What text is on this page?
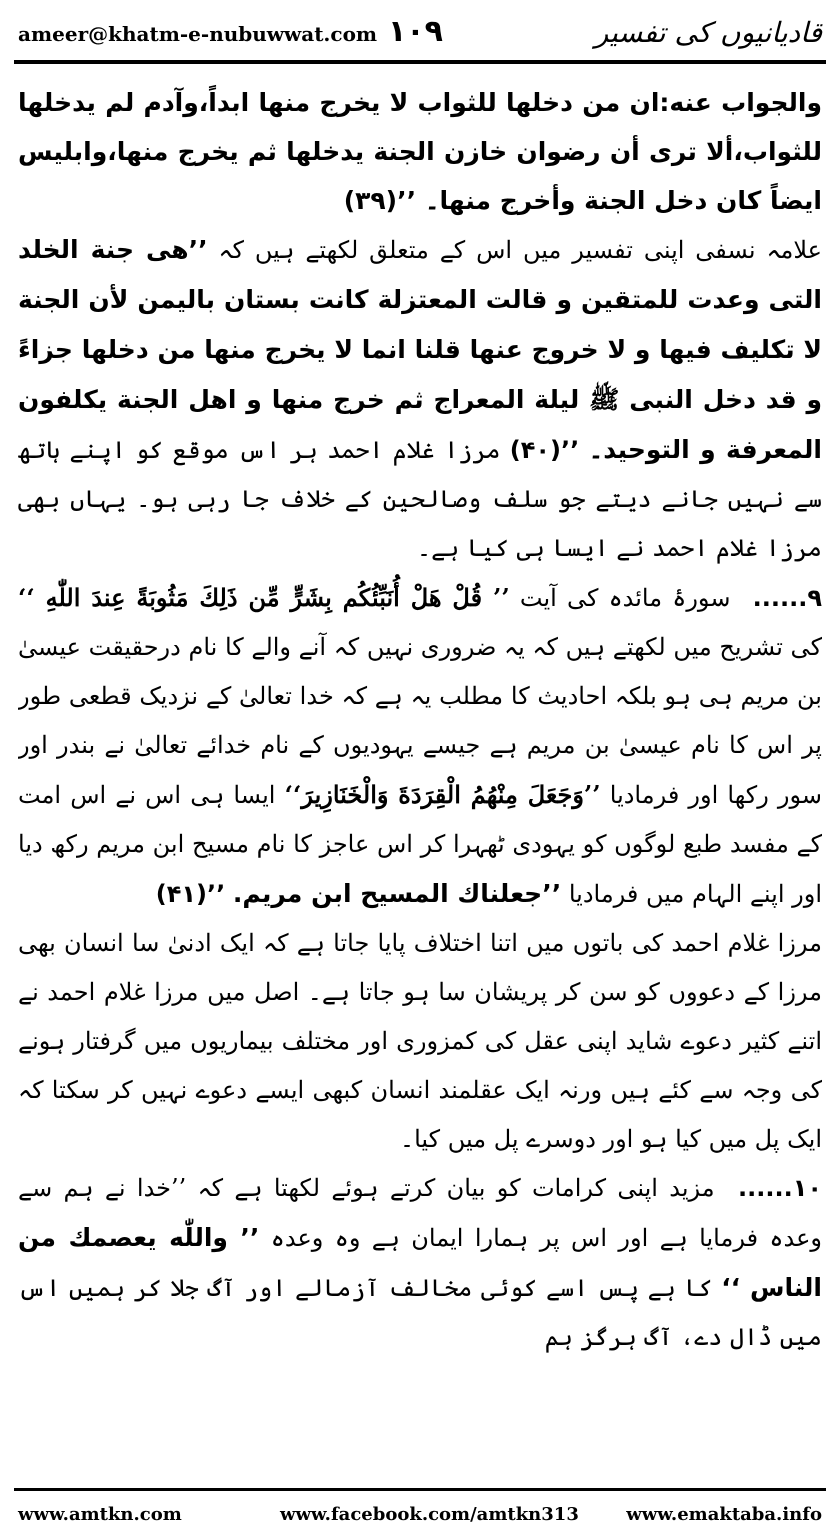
ameer@khatm-e-nubuwwat.com ١٠٩	قادیانیوں کی تفسیر

والجواب عنه:ان من دخلها للثواب لا يخرج منها ابداً،وآدم لم يدخلها للثواب،ألا ترى أن رضوان خازن الجنة يدخلها ثم يخرج منها،وابليس ايضاً كان دخل الجنة وأخرج منها۔ ’’(۳۹)

علامہ نسفی اپنی تفسیر میں اس کے متعلق لکھتے ہیں کہ ’’هی جنة الخلد التی وعدت للمتقین و قالت المعتزلة كانت بستان باليمن لأن الجنة لا تكليف فيها و لا خروج عنها قلنا انما لا يخرج منها من دخلها جزاءً و قد دخل النبی ﷺ ليلة المعراج ثم خرج منها و اهل الجنة يكلفون المعرفة و التوحيد۔ ’’(۴۰) مرزا غلام احمد ہر اس موقع کو اپنے ہاتھ سے نہیں جانے دیتے جو سلف وصالحین کے خلاف جا رہی ہو۔ یہاں بھی مرزا غلام احمد نے ایسا ہی کیا ہے۔

۹...... سورۂ مائدہ کی آیت ’’ قُلْ هَلْ أُنَبِّئُكُم بِشَرٍّ مِّن ذَلِكَ مَثُوبَةً عِندَ اللّٰهِ ‘‘ کی تشریح میں لکھتے ہیں کہ یہ ضروری نہیں کہ آنے والے کا نام درحقیقت عیسیٰ بن مریم ہی ہو بلکہ احادیث کا مطلب یہ ہے کہ خدا تعالیٰ کے نزدیک قطعی طور پر اس کا نام عیسیٰ بن مریم ہے جیسے یہودیوں کے نام خدائے تعالیٰ نے بندر اور سور رکھا اور فرمادیا ’’وَجَعَلَ مِنْهُمُ الْقِرَدَةَ وَالْخَنَازِيرَ‘‘ ایسا ہی اس نے اس امت کے مفسد طبع لوگوں کو یہودی ٹھہرا کر اس عاجز کا نام مسیح ابن مریم رکھ دیا اور اپنے الہام میں فرمادیا ’’جعلناك المسيح ابن مريم. ’’(۴۱)

مرزا غلام احمد کی باتوں میں اتنا اختلاف پایا جاتا ہے کہ ایک ادنیٰ سا انسان بھی مرزا کے دعووں کو سن کر پریشان سا ہو جاتا ہے۔ اصل میں مرزا غلام احمد نے اتنے کثیر دعوے شاید اپنی عقل کی کمزوری اور مختلف بیماریوں میں گرفتار ہونے کی وجہ سے کئے ہیں ورنہ ایک عقلمند انسان کبھی ایسے دعوے نہیں کر سکتا کہ ایک پل میں کیا ہو اور دوسرے پل میں کیا۔

۱۰...... مزید اپنی کرامات کو بیان کرتے ہوئے لکھتا ہے کہ ’’خدا نے ہم سے وعدہ فرمایا ہے اور اس پر ہمارا ایمان ہے وہ وعدہ ’’ واللّٰه يعصمك من الناس ‘‘ کا ہے پس اسے کوئی مخالف آزمالے اور آگ جلا کر ہمیں اس میں ڈال دے، آگ ہرگز ہم

www.amtkn.com	www.facebook.com/amtkn313	www.emaktaba.info
